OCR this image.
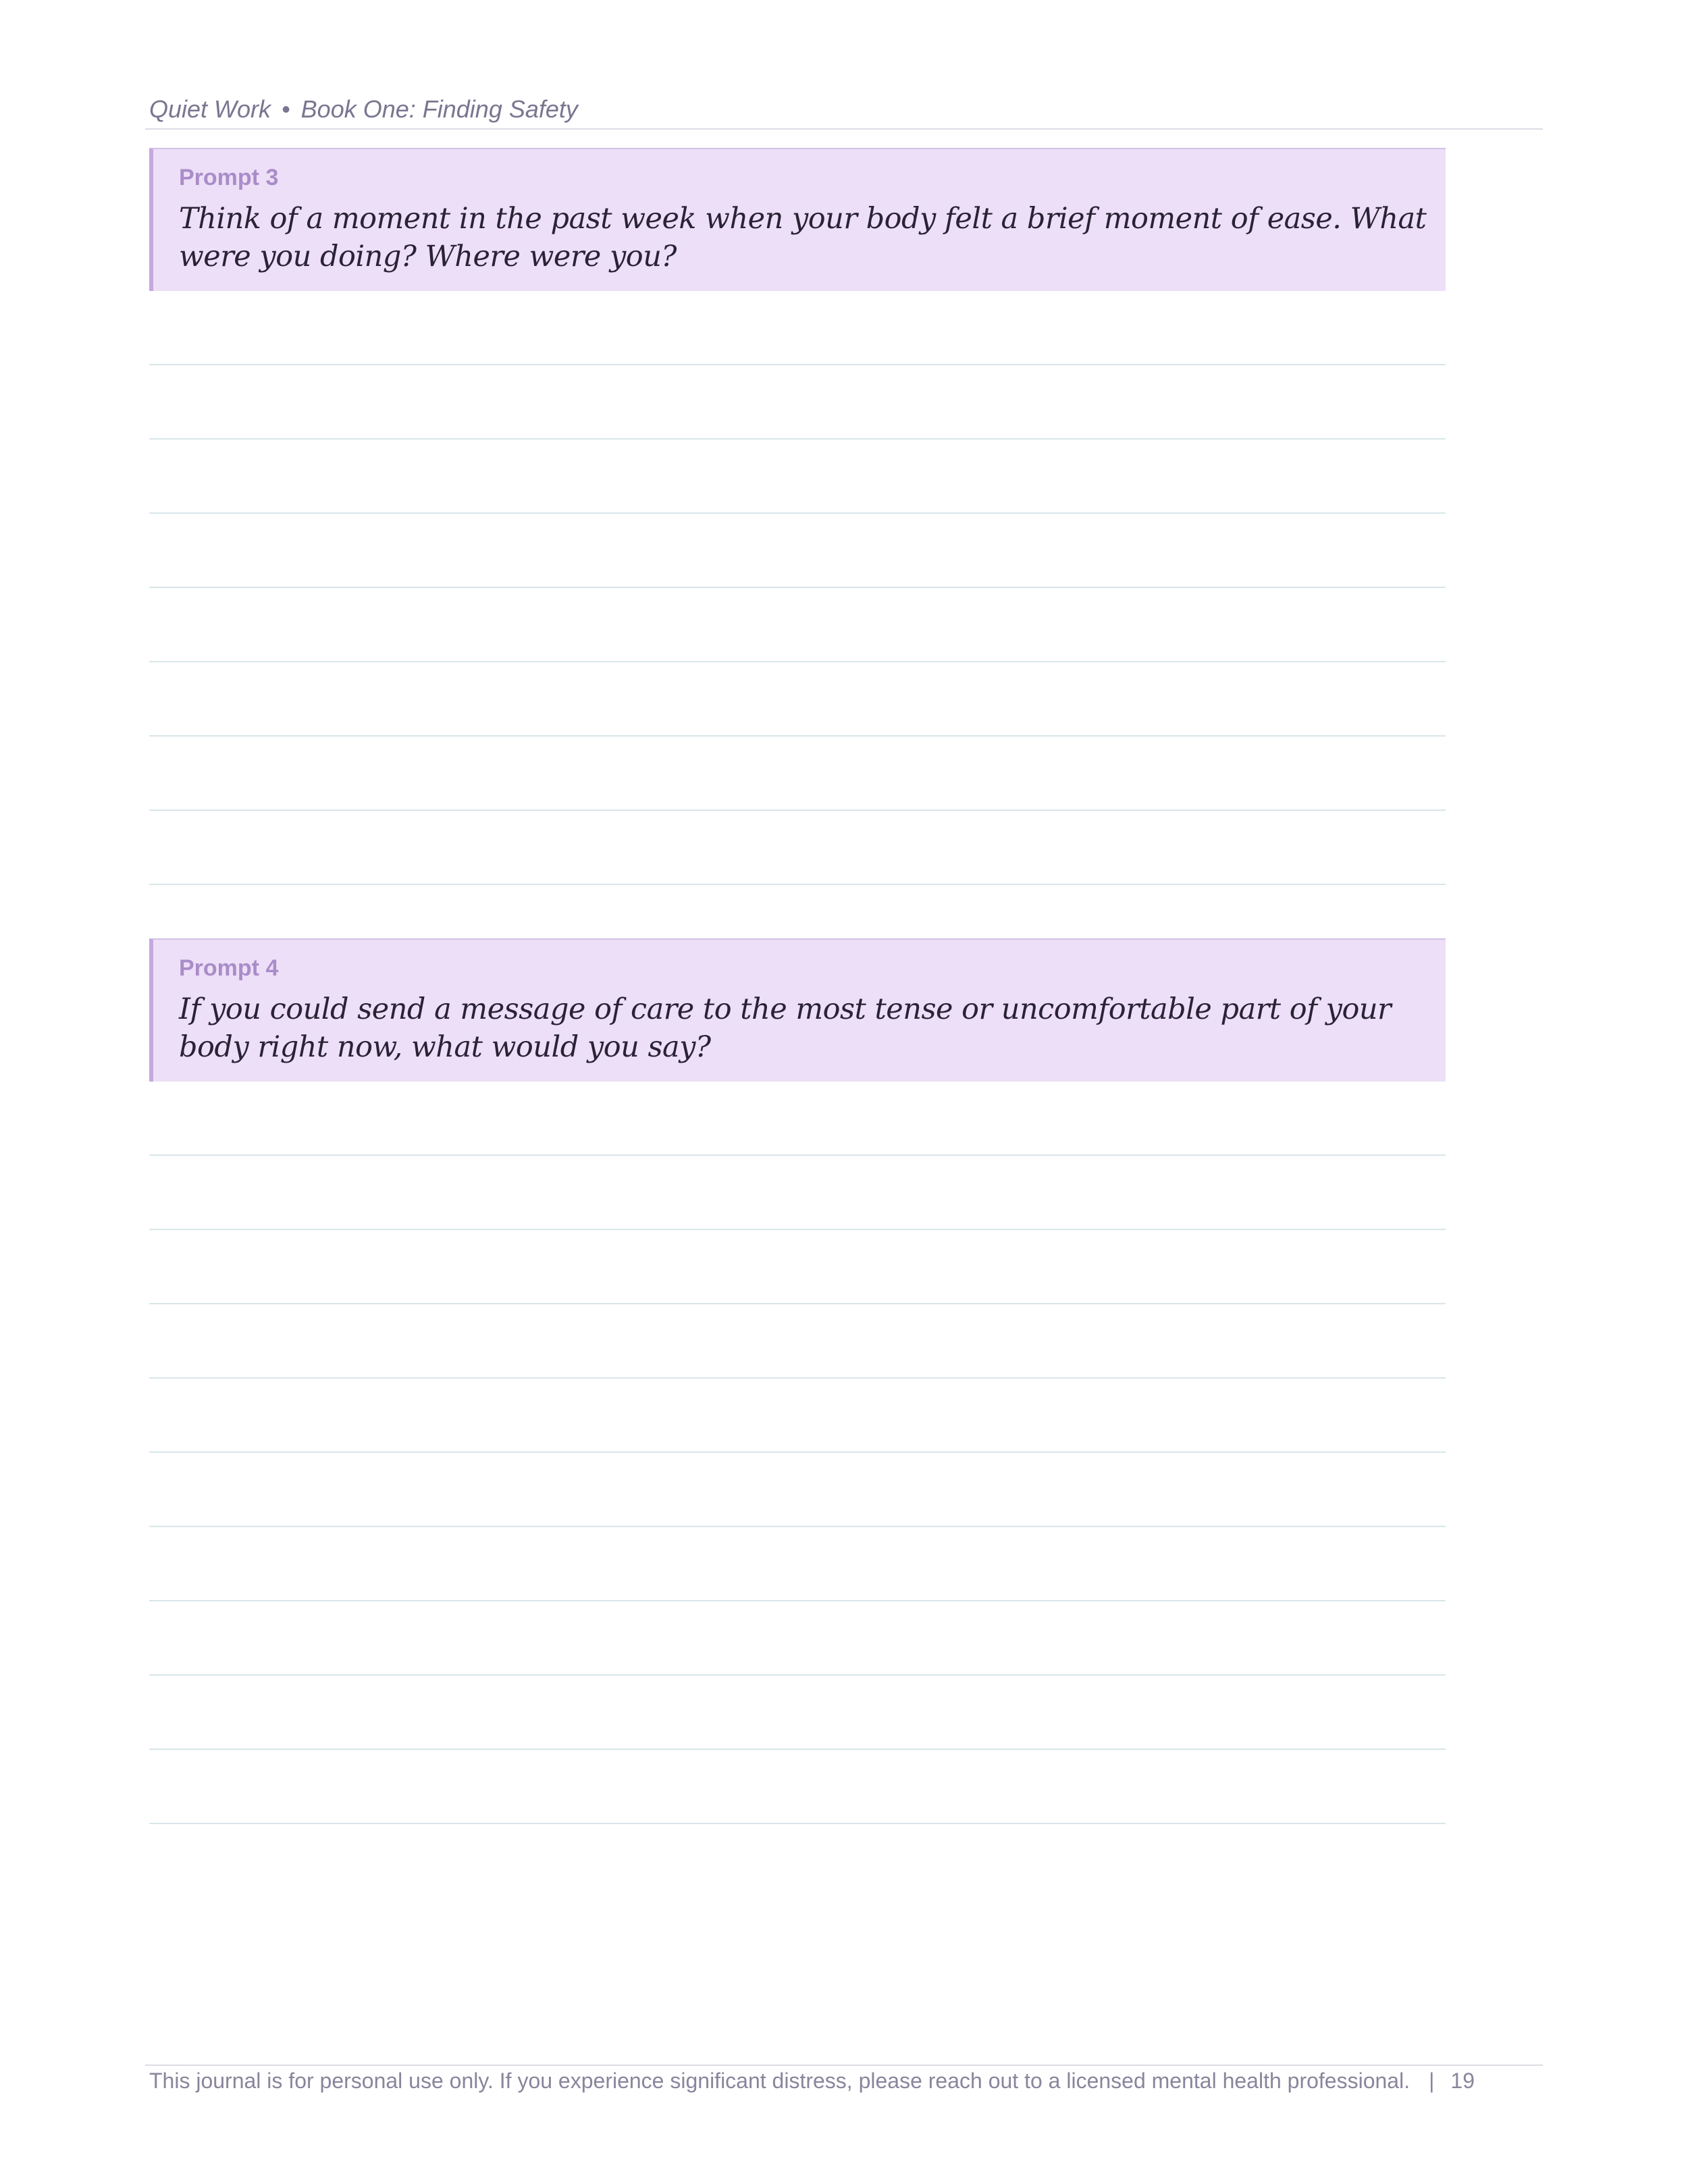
Quiet Work • Book One: Finding Safety
Prompt 3
Think of a moment in the past week when your body felt a brief moment of ease. What were you doing? Where were you?
Prompt 4
If you could send a message of care to the most tense or uncomfortable part of your body right now, what would you say?
This journal is for personal use only. If you experience significant distress, please reach out to a licensed mental health professional. | 19
